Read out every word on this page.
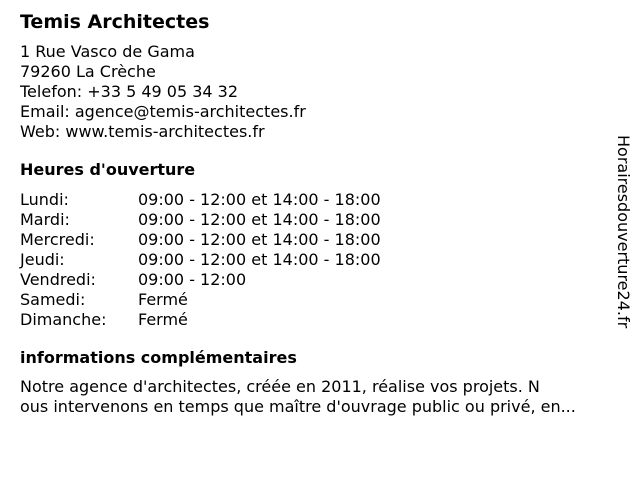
Temis Architectes
1 Rue Vasco de Gama
79260 La Crèche
Telefon: +33 5 49 05 34 32
Email: agence@temis-architectes.fr
Web: www.temis-architectes.fr
Heures d'ouverture
Lundi:	09:00 - 12:00 et 14:00 - 18:00
Mardi:	09:00 - 12:00 et 14:00 - 18:00
Mercredi:	09:00 - 12:00 et 14:00 - 18:00
Jeudi:	09:00 - 12:00 et 14:00 - 18:00
Vendredi:	09:00 - 12:00
Samedi:	Fermé
Dimanche:	Fermé
informations complémentaires
Notre agence d'architectes, créée en 2011, réalise vos projets. N
ous intervenons en temps que maître d'ouvrage public ou privé, en...
Horairesdouverture24.fr
